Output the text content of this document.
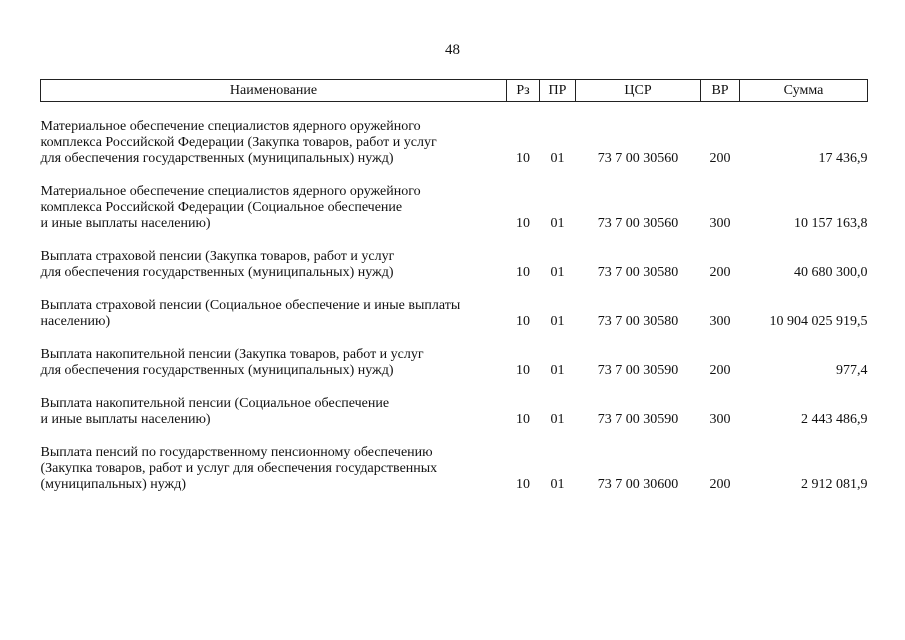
48
Наименование	Рз	ПР	ЦСР	ВР	Сумма

Материальное обеспечение специалистов ядерного оружейного
комплекса Российской Федерации (Закупка товаров, работ и услуг
для обеспечения государственных (муниципальных) нужд)	10	01	73 7 00 30560	200	17 436,9

Материальное обеспечение специалистов ядерного оружейного
комплекса Российской Федерации (Социальное обеспечение
и иные выплаты населению)	10	01	73 7 00 30560	300	10 157 163,8

Выплата страховой пенсии (Закупка товаров, работ и услуг
для обеспечения государственных (муниципальных) нужд)	10	01	73 7 00 30580	200	40 680 300,0

Выплата страховой пенсии (Социальное обеспечение и иные выплаты
населению)	10	01	73 7 00 30580	300	10 904 025 919,5

Выплата накопительной пенсии (Закупка товаров, работ и услуг
для обеспечения государственных (муниципальных) нужд)	10	01	73 7 00 30590	200	977,4

Выплата накопительной пенсии (Социальное обеспечение
и иные выплаты населению)	10	01	73 7 00 30590	300	2 443 486,9

Выплата пенсий по государственному пенсионному обеспечению
(Закупка товаров, работ и услуг для обеспечения государственных
(муниципальных) нужд)	10	01	73 7 00 30600	200	2 912 081,9
